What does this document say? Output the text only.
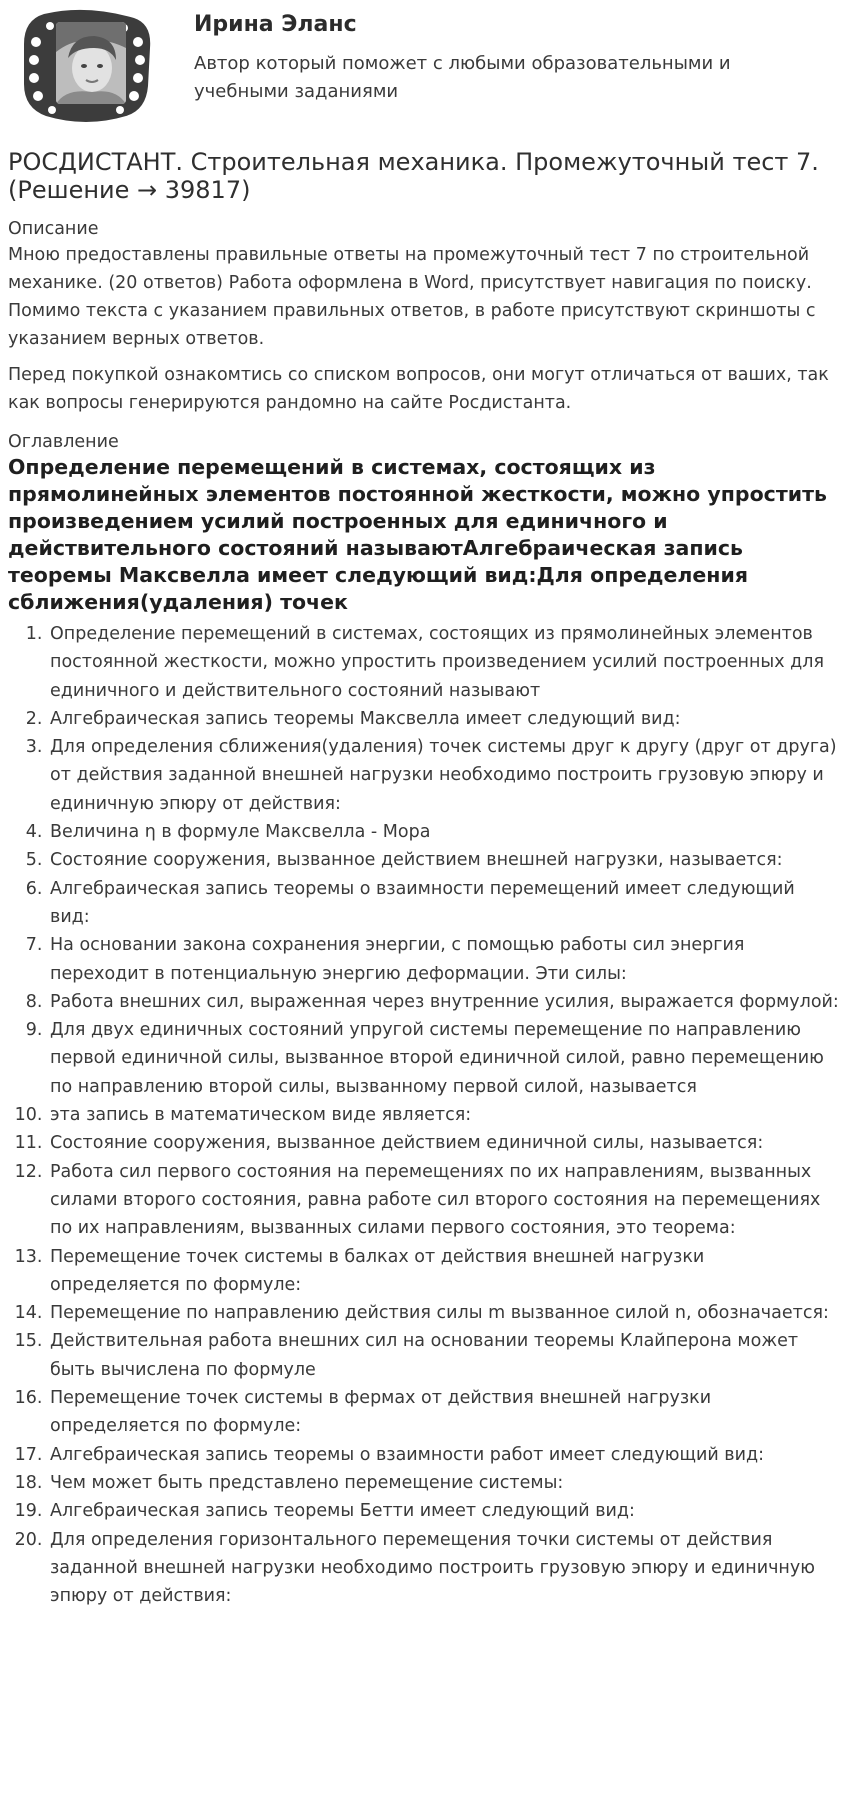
Ирина Эланс
Автор который поможет с любыми образовательными и учебными заданиями
РОСДИСТАНТ. Строительная механика. Промежуточный тест 7. (Решение → 39817)
Описание

Мною предоставлены правильные ответы на промежуточный тест 7 по строительной механике. (20 ответов) Работа оформлена в Word, присутствует навигация по поиску. Помимо текста с указанием правильных ответов, в работе присутствуют скриншоты с указанием верных ответов.

Перед покупкой ознакомтись со списком вопросов, они могут отличаться от ваших, так как вопросы генерируются рандомно на сайте Росдистанта.

Оглавление
Определение перемещений в системах, состоящих из прямолинейных элементов постоянной жесткости, можно упростить произведением усилий построенных для единичного и действительного состояний называютАлгебраическая запись теоремы Максвелла имеет следующий вид:Для определения сближения(удаления) точек
1. Определение перемещений в системах, состоящих из прямолинейных элементов постоянной жесткости, можно упростить произведением усилий построенных для единичного и действительного состояний называют
2. Алгебраическая запись теоремы Максвелла имеет следующий вид:
3. Для определения сближения(удаления) точек системы друг к другу (друг от друга) от действия заданной внешней нагрузки необходимо построить грузовую эпюру и единичную эпюру от действия:
4. Величина η в формуле Максвелла - Мора
5. Состояние сооружения, вызванное действием внешней нагрузки, называется:
6. Алгебраическая запись теоремы о взаимности перемещений имеет следующий вид:
7. На основании закона сохранения энергии, с помощью работы сил энергия переходит в потенциальную энергию деформации. Эти силы:
8. Работа внешних сил, выраженная через внутренние усилия, выражается формулой:
9. Для двух единичных состояний упругой системы перемещение по направлению первой единичной силы, вызванное второй единичной силой, равно перемещению по направлению второй силы, вызванному первой силой, называется
10. эта запись в математическом виде является:
11. Состояние сооружения, вызванное действием единичной силы, называется:
12. Работа сил первого состояния на перемещениях по их направлениям, вызванных силами второго состояния, равна работе сил второго состояния на перемещениях по их направлениям, вызванных силами первого состояния, это теорема:
13. Перемещение точек системы в балках от действия внешней нагрузки определяется по формуле:
14. Перемещение по направлению действия силы m вызванное силой n, обозначается:
15. Действительная работа внешних сил на основании теоремы Клайперона может быть вычислена по формуле
16. Перемещение точек системы в фермах от действия внешней нагрузки определяется по формуле:
17. Алгебраическая запись теоремы о взаимности работ имеет следующий вид:
18. Чем может быть представлено перемещение системы:
19. Алгебраическая запись теоремы Бетти имеет следующий вид:
20. Для определения горизонтального перемещения точки системы от действия заданной внешней нагрузки необходимо построить грузовую эпюру и единичную эпюру от действия:
